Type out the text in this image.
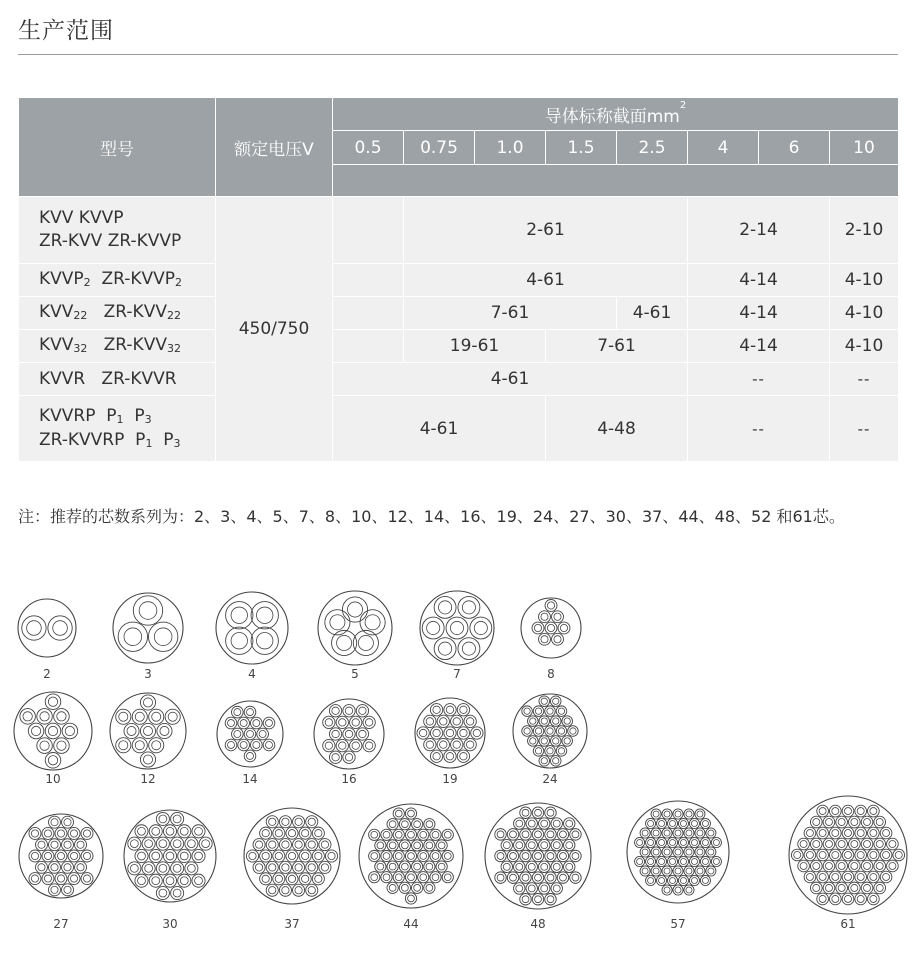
生产范围
型号	额定电压V	导体标称截面$mm^2$
		0.5	0.75	1.0	1.5	2.5	4	6	10

KVV KVVP
ZR-KVV ZR-KVVP	450/750		2-61				2-14		2-10
$KVVP_2$ $ZR-KVVP_2$			4-61				4-14		4-10
$KVV_{22}$ $ZR-KVV_{22}$			7-61			4-61	4-14		4-10
$KVV_{32}$ $ZR-KVV_{32}$			19-61		7-61		4-14		4-10
KVVR   ZR-KVVR		4-61					--		--

KVVRP  $P_1$  $P_3$
ZR-KVVRP  $P_1$  $P_3$		4-61			4-48		--		--
注：推荐的芯数系列为：2、3、4、5、7、8、10、12、14、16、19、24、27、30、37、44、48、52 和61芯。
2	3	4	5	7	8
10	12	14	16	19	24
27	30	37	44	48	57	61
